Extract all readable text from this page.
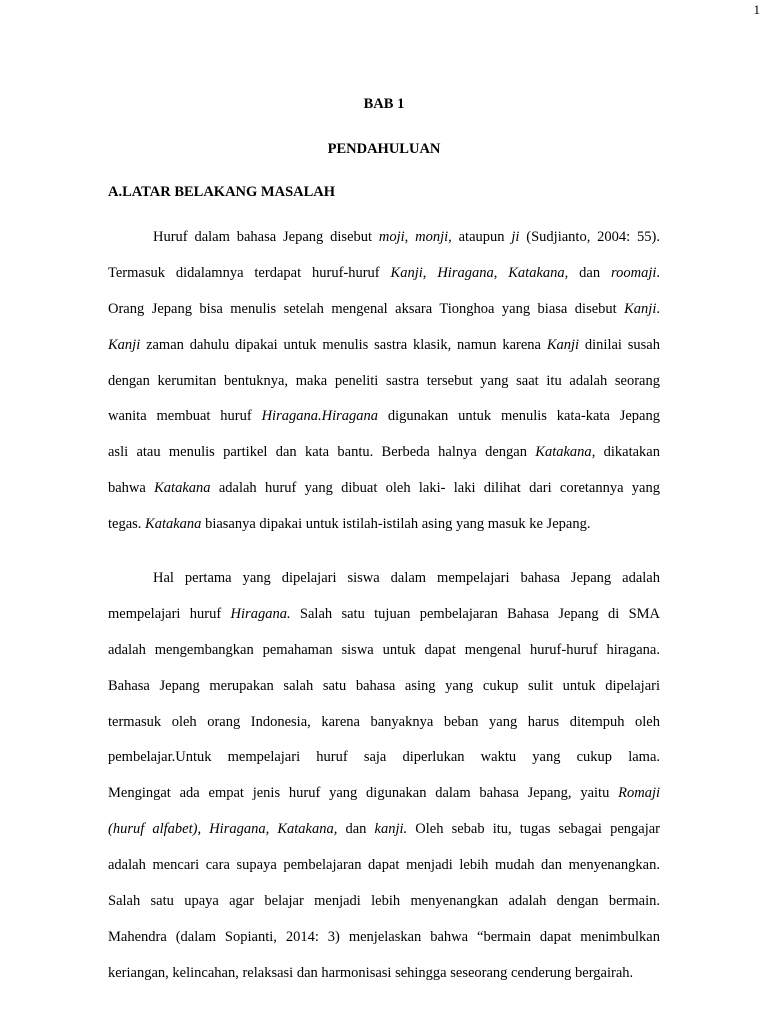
1
BAB 1
PENDAHULUAN
A.LATAR BELAKANG MASALAH
Huruf dalam bahasa Jepang disebut moji, monji, ataupun ji (Sudjianto, 2004: 55).
Termasuk didalamnya terdapat huruf-huruf Kanji, Hiragana, Katakana, dan roomaji.
Orang Jepang bisa menulis setelah mengenal aksara Tionghoa yang biasa disebut Kanji.
Kanji zaman dahulu dipakai untuk menulis sastra klasik, namun karena Kanji dinilai susah
dengan kerumitan bentuknya, maka peneliti sastra tersebut yang saat itu adalah seorang
wanita membuat huruf Hiragana.Hiragana digunakan untuk menulis kata-kata Jepang
asli atau menulis partikel dan kata bantu. Berbeda halnya dengan Katakana, dikatakan
bahwa Katakana adalah huruf yang dibuat oleh laki- laki dilihat dari coretannya yang
tegas. Katakana biasanya dipakai untuk istilah-istilah asing yang masuk ke Jepang.
Hal pertama yang dipelajari siswa dalam mempelajari bahasa Jepang adalah
mempelajari huruf Hiragana. Salah satu tujuan pembelajaran Bahasa Jepang di SMA
adalah mengembangkan pemahaman siswa untuk dapat mengenal huruf-huruf hiragana.
Bahasa Jepang merupakan salah satu bahasa asing yang cukup sulit untuk dipelajari
termasuk oleh orang Indonesia, karena banyaknya beban yang harus ditempuh oleh
pembelajar.Untuk mempelajari huruf saja diperlukan waktu yang cukup lama.
Mengingat ada empat jenis huruf yang digunakan dalam bahasa Jepang, yaitu Romaji
(huruf alfabet), Hiragana, Katakana, dan kanji. Oleh sebab itu, tugas sebagai pengajar
adalah mencari cara supaya pembelajaran dapat menjadi lebih mudah dan menyenangkan.
Salah satu upaya agar belajar menjadi lebih menyenangkan adalah dengan bermain.
Mahendra (dalam Sopianti, 2014: 3) menjelaskan bahwa “bermain dapat menimbulkan
keriangan, kelincahan, relaksasi dan harmonisasi sehingga seseorang cenderung bergairah.
